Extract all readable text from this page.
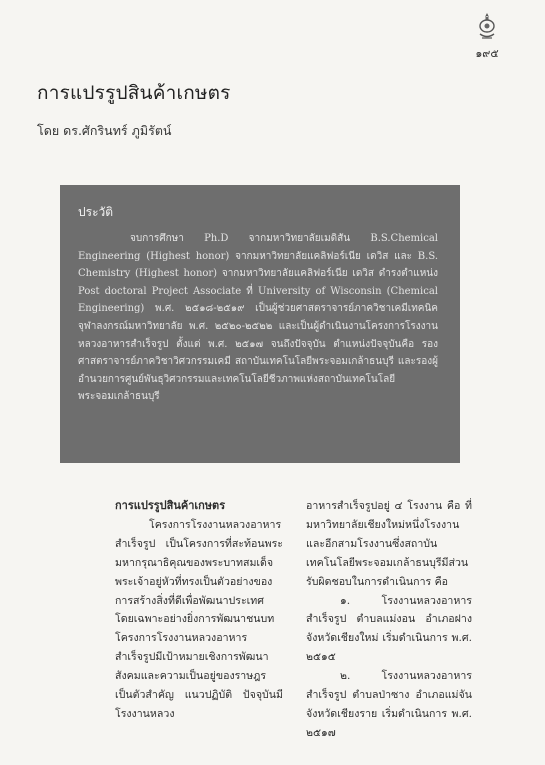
๑๙๕
การแปรรูปสินค้าเกษตร
โดย ดร.ศักรินทร์ ภูมิรัตน์
ประวัติ

จบการศึกษา Ph.D จากมหาวิทยาลัยเมดิสัน B.S.Chemical Engineering (Highest honor) จากมหาวิทยาลัยแคลิฟอร์เนีย เดวิส และ B.S. Chemistry (Highest honor) จากมหาวิทยาลัยแคลิฟอร์เนีย เดวิส ดำรงตำแหน่ง Post doctoral Project Associate ที่ University of Wisconsin (Chemical Engineering) พ.ศ. ๒๕๑๘-๒๕๑๙ เป็นผู้ช่วยศาสตราจารย์ภาควิชาเคมีเทคนิค จุฬาลงกรณ์มหาวิทยาลัย พ.ศ. ๒๕๒๐-๒๕๒๒ และเป็นผู้ดำเนินงานโครงการโรงงานหลวงอาหารสำเร็จรูป ตั้งแต่ พ.ศ. ๒๕๑๗ จนถึงปัจจุบัน ตำแหน่งปัจจุบันคือ รองศาสตราจารย์ภาควิชาวิศวกรรมเคมี สถาบันเทคโนโลยีพระจอมเกล้าธนบุรี และรองผู้อำนวยการศูนย์พันธุวิศวกรรมและเทคโนโลยีชีวภาพแห่งสถาบันเทคโนโลยีพระจอมเกล้าธนบุรี

การแปรรูปสินค้าเกษตร

โครงการโรงงานหลวงอาหารสำเร็จรูป เป็นโครงการที่สะท้อนพระมหากรุณาธิคุณของพระบาทสมเด็จพระเจ้าอยู่หัวที่ทรงเป็นตัวอย่างของการสร้างสิ่งที่ดีเพื่อพัฒนาประเทศ โดยเฉพาะอย่างยิ่งการพัฒนาชนบท โครงการโรงงานหลวงอาหารสำเร็จรูปมีเป้าหมายเชิงการพัฒนาสังคมและความเป็นอยู่ของราษฎรเป็นตัวสำคัญ แนวปฏิบัติ ปัจจุบันมีโรงงานหลวง

อาหารสำเร็จรูปอยู่ ๔ โรงงาน คือ ที่มหาวิทยาลัยเชียงใหม่หนึ่งโรงงาน และอีกสามโรงงานซึ่งสถาบันเทคโนโลยีพระจอมเกล้าธนบุรีมีส่วนรับผิดชอบในการดำเนินการ คือ

๑. โรงงานหลวงอาหารสำเร็จรูป ตำบลแม่งอน อำเภอฝาง จังหวัดเชียงใหม่ เริ่มดำเนินการ พ.ศ. ๒๕๑๕

๒. โรงงานหลวงอาหารสำเร็จรูป ตำบลป่าซาง อำเภอแม่จัน จังหวัดเชียงราย เริ่มดำเนินการ พ.ศ. ๒๕๑๗
